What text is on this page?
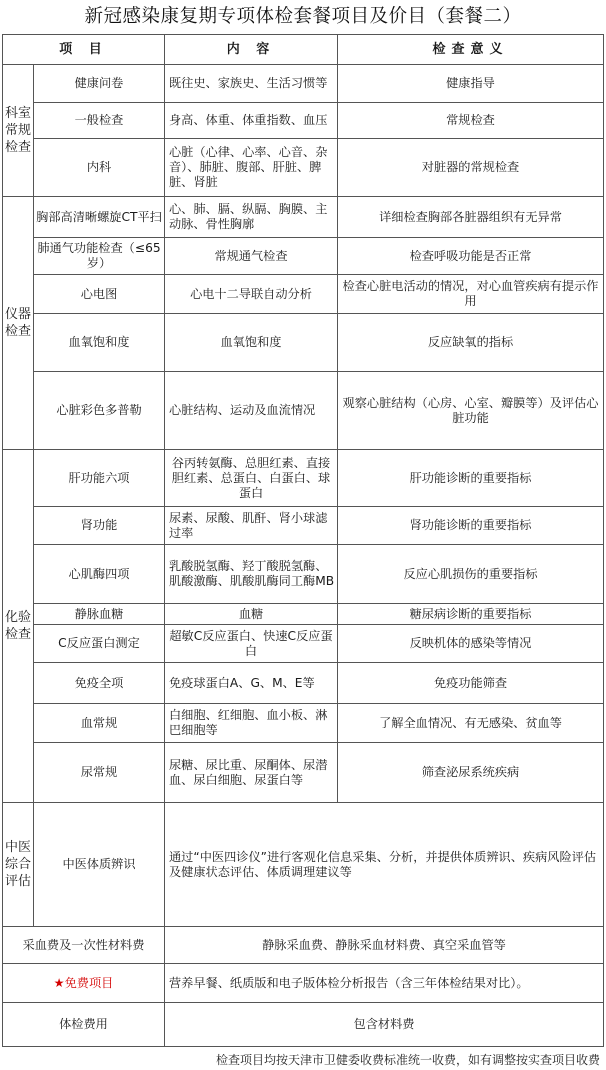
新冠感染康复期专项体检套餐项目及价目（套餐二）
项 目		内 容	检查意义
科室常规检查	健康问卷	既往史、家族史、生活习惯等	健康指导
	一般检查	身高、体重、体重指数、血压	常规检查
	内科	心脏（心律、心率、心音、杂音）、肺脏、腹部、肝脏、脾脏、肾脏	对脏器的常规检查
仪器检查	胸部高清晰螺旋CT平扫	心、肺、膈、纵膈、胸膜、主动脉、骨性胸廓	详细检查胸部各脏器组织有无异常
	肺通气功能检查（≤65岁）	常规通气检查	检查呼吸功能是否正常
	心电图	心电十二导联自动分析	检查心脏电活动的情况，对心血管疾病有提示作用
	血氧饱和度	血氧饱和度	反应缺氧的指标
	心脏彩色多普勒	心脏结构、运动及血流情况	观察心脏结构（心房、心室、瓣膜等）及评估心脏功能
化验检查	肝功能六项	谷丙转氨酶、总胆红素、直接胆红素、总蛋白、白蛋白、球蛋白	肝功能诊断的重要指标
	肾功能	尿素、尿酸、肌酐、肾小球滤过率	肾功能诊断的重要指标
	心肌酶四项	乳酸脱氢酶、羟丁酸脱氢酶、肌酸激酶、肌酸肌酶同工酶MB	反应心肌损伤的重要指标
	静脉血糖	血糖	糖尿病诊断的重要指标
	C反应蛋白测定	超敏C反应蛋白、快速C反应蛋白	反映机体的感染等情况
	免疫全项	免疫球蛋白A、G、M、E等	免疫功能筛查
	血常规	白细胞、红细胞、血小板、淋巴细胞等	了解全血情况、有无感染、贫血等
	尿常规	尿糖、尿比重、尿酮体、尿潜血、尿白细胞、尿蛋白等	筛查泌尿系统疾病
中医综合评估	中医体质辨识	通过“中医四诊仪”进行客观化信息采集、分析，并提供体质辨识、疾病风险评估及健康状态评估、体质调理建议等	
采血费及一次性材料费		静脉采血费、静脉采血材料费、真空采血管等	
★免费项目		营养早餐、纸质版和电子版体检分析报告（含三年体检结果对比）。	
体检费用		包含材料费	
检查项目均按天津市卫健委收费标准统一收费，如有调整按实查项目收费
